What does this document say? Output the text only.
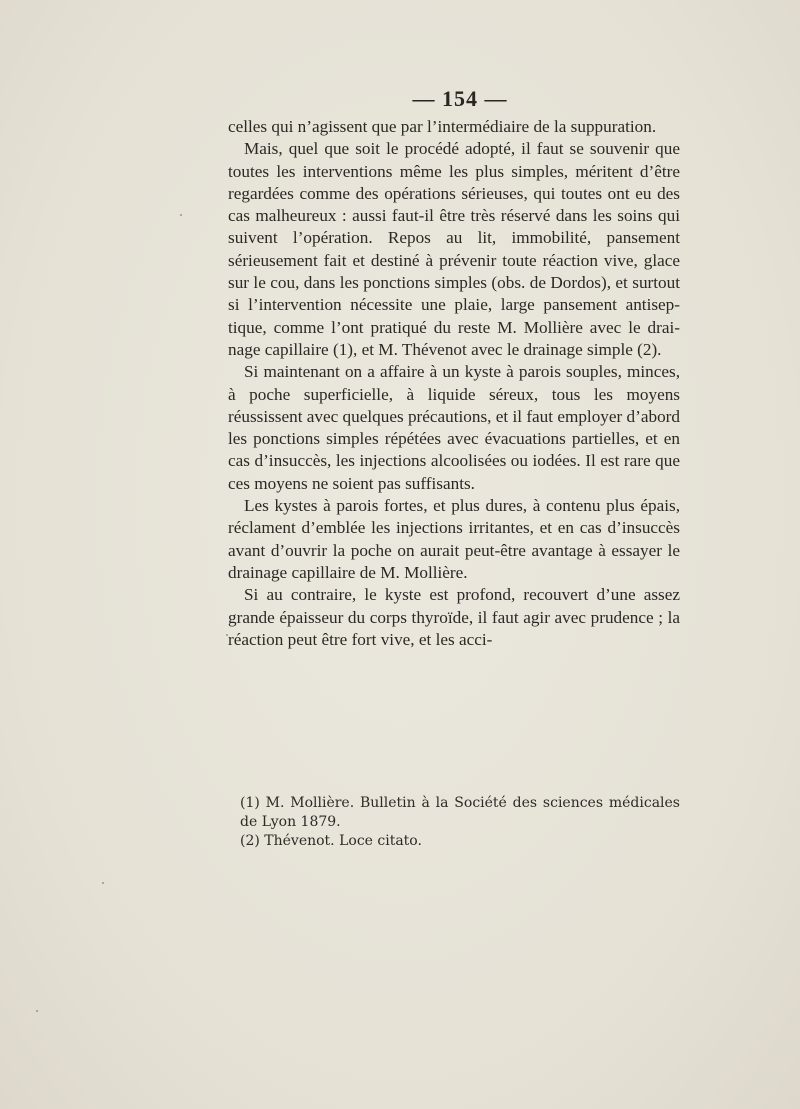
— 154 —

celles qui n’agissent que par l’intermédiaire de la suppuration.

Mais, quel que soit le procédé adopté, il faut se souvenir que toutes les interventions même les plus simples, méritent d’être regardées comme des opérations sérieuses, qui toutes ont eu des cas malheureux : aussi faut-il être très réservé dans les soins qui suivent l’opération. Repos au lit, immobilité, pansement sérieusement fait et destiné à prévenir toute réaction vive, glace sur le cou, dans les ponctions simples (obs. de Dordos), et surtout si l’intervention nécessite une plaie, large pansement antiseptique, comme l’ont pratiqué du reste M. Mollière avec le drainage capillaire (1), et M. Thévenot avec le drainage simple (2).

Si maintenant on a affaire à un kyste à parois souples, minces, à poche superficielle, à liquide séreux, tous les moyens réussissent avec quelques précautions, et il faut employer d’abord les ponctions simples répétées avec évacuations partielles, et en cas d’insuccès, les injections alcoolisées ou iodées. Il est rare que ces moyens ne soient pas suffisants.

Les kystes à parois fortes, et plus dures, à contenu plus épais, réclament d’emblée les injections irritantes, et en cas d’insuccès avant d’ouvrir la poche on aurait peut-être avantage à essayer le drainage capillaire de M. Mollière.

Si au contraire, le kyste est profond, recouvert d’une assez grande épaisseur du corps thyroïde, il faut agir avec prudence ; la réaction peut être fort vive, et les acci-

(1) M. Mollière. Bulletin à la Société des sciences médicales de Lyon 1879.

(2) Thévenot. Loce citato.
